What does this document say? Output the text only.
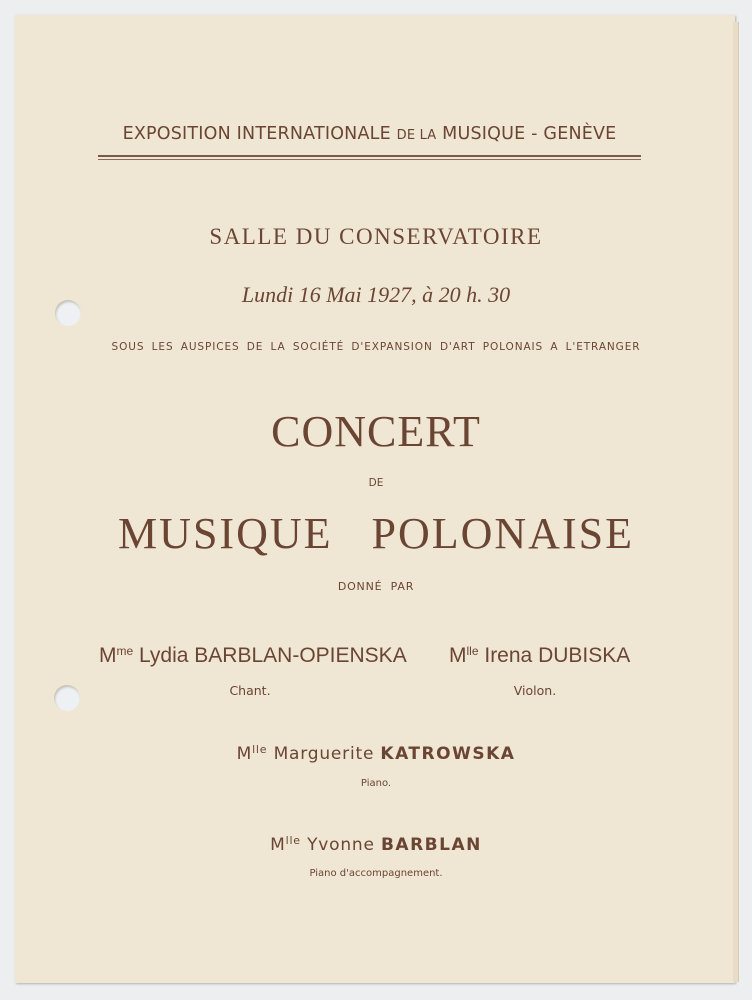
EXPOSITION INTERNATIONALE DE LA MUSIQUE - GENÈVE
SALLE DU CONSERVATOIRE
Lundi 16 Mai 1927, à 20 h. 30
SOUS LES AUSPICES DE LA SOCIÉTÉ D'EXPANSION D'ART POLONAIS A L'ETRANGER
CONCERT
DE
MUSIQUE POLONAISE
DONNÉ PAR
$M^{me}$ Lydia BARBLAN-OPIENSKA
Chant.
$M^{lle}$ Irena DUBISKA
Violon.
$M^{lle}$ Marguerite KATROWSKA
Piano.
$M^{lle}$ Yvonne BARBLAN
Piano d'accompagnement.
